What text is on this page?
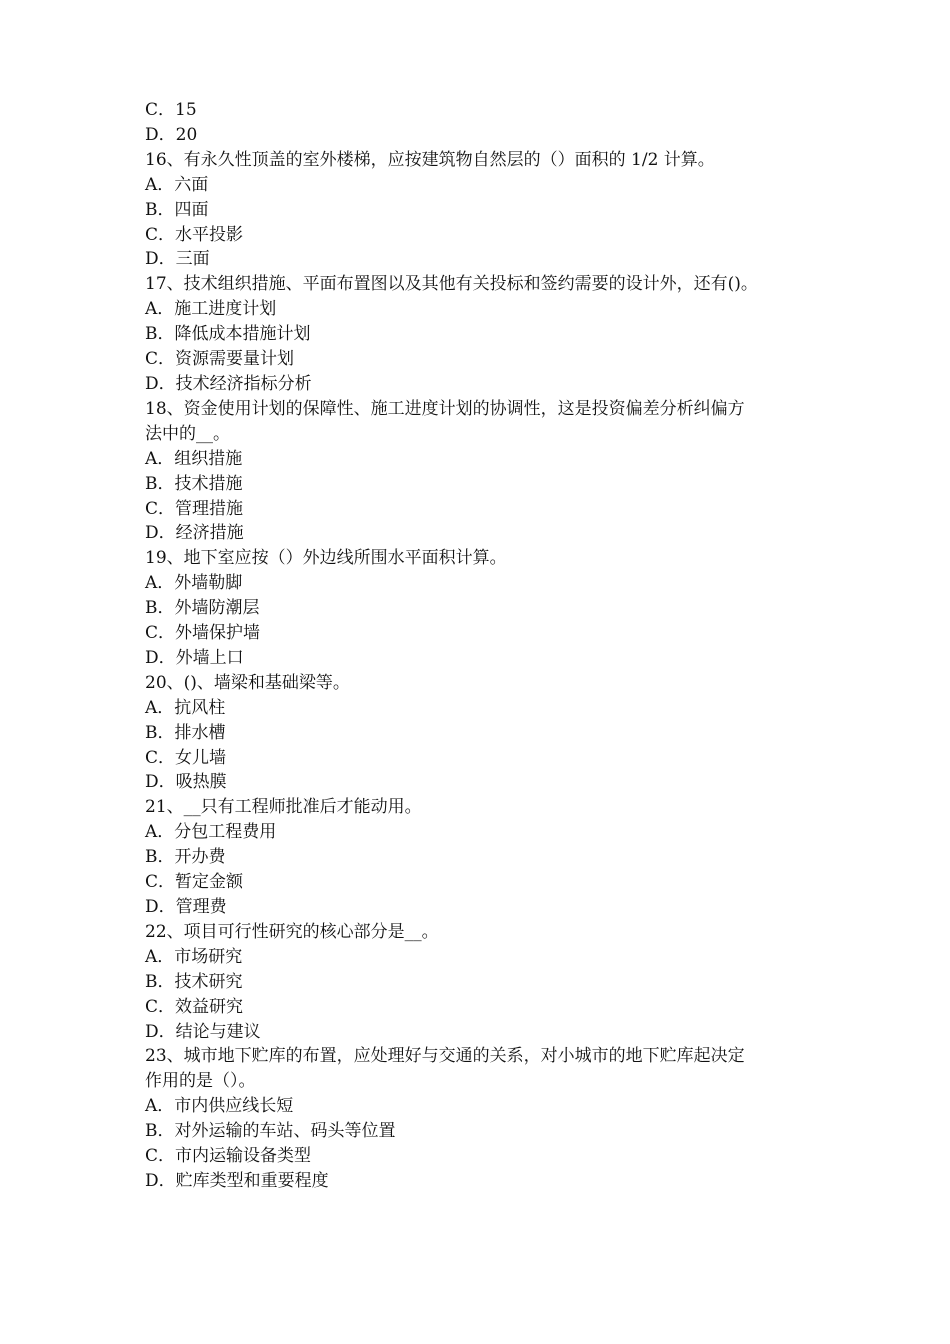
C．15
D．20
16、有永久性顶盖的室外楼梯，应按建筑物自然层的（）面积的 1/2 计算。
A．六面
B．四面
C．水平投影
D．三面
17、技术组织措施、平面布置图以及其他有关投标和签约需要的设计外，还有()。
A．施工进度计划
B．降低成本措施计划
C．资源需要量计划
D．技术经济指标分析
18、资金使用计划的保障性、施工进度计划的协调性，这是投资偏差分析纠偏方
法中的__。
A．组织措施
B．技术措施
C．管理措施
D．经济措施
19、地下室应按（）外边线所围水平面积计算。
A．外墙勒脚
B．外墙防潮层
C．外墙保护墙
D．外墙上口
20、()、墙梁和基础梁等。
A．抗风柱
B．排水槽
C．女儿墙
D．吸热膜
21、__只有工程师批准后才能动用。
A．分包工程费用
B．开办费
C．暂定金额
D．管理费
22、项目可行性研究的核心部分是__。
A．市场研究
B．技术研究
C．效益研究
D．结论与建议
23、城市地下贮库的布置，应处理好与交通的关系，对小城市的地下贮库起决定
作用的是（）。
A．市内供应线长短
B．对外运输的车站、码头等位置
C．市内运输设备类型
D．贮库类型和重要程度
